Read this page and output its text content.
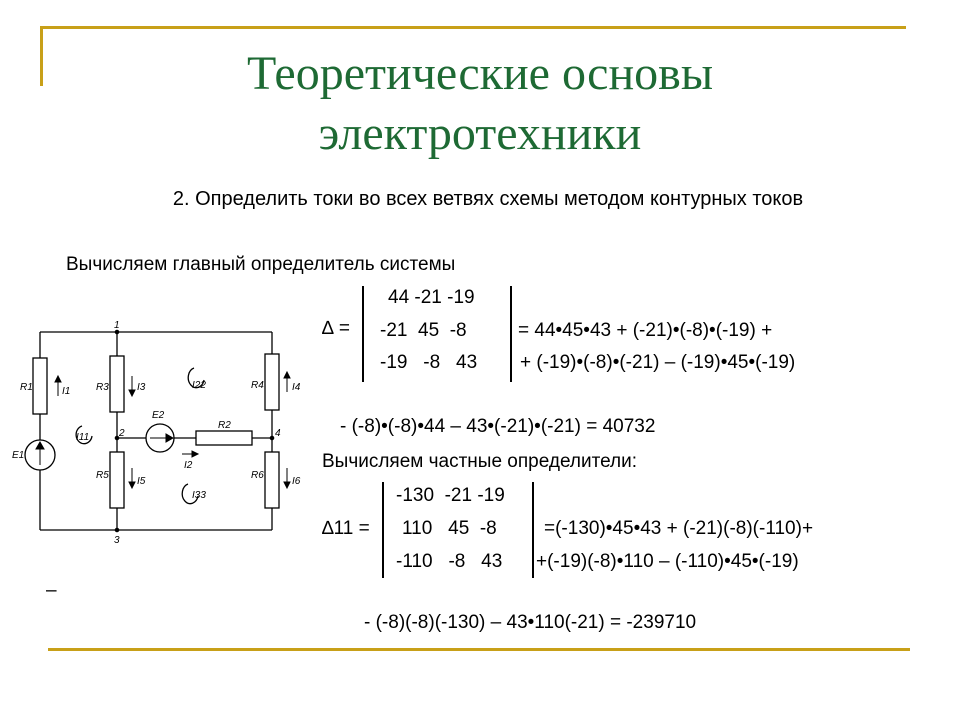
Теоретические основы
электротехники
2. Определить токи во всех ветвях схемы методом контурных токов
Вычисляем главный определитель системы
∆ =
44 -21 -19
-21  45  -8
-19   -8   43
= 44•45•43 + (-21)•(-8)•(-19) +
+ (-19)•(-8)•(-21) – (-19)•45•(-19)
- (-8)•(-8)•44 – 43•(-21)•(-21) = 40732
Вычисляем частные определители:
∆11 =
-130  -21 -19
110   45  -8
-110   -8   43
=(-130)•45•43 + (-21)(-8)(-110)+
+(-19)(-8)•110 – (-110)•45•(-19)
- (-8)(-8)(-130) – 43•110(-21) = -239710
–
1
2
3
4
R1	R3	R4
R5	R6
R2
E1
E2
I1	I3	I4
I5	I6
I2
I11
I22
I33
